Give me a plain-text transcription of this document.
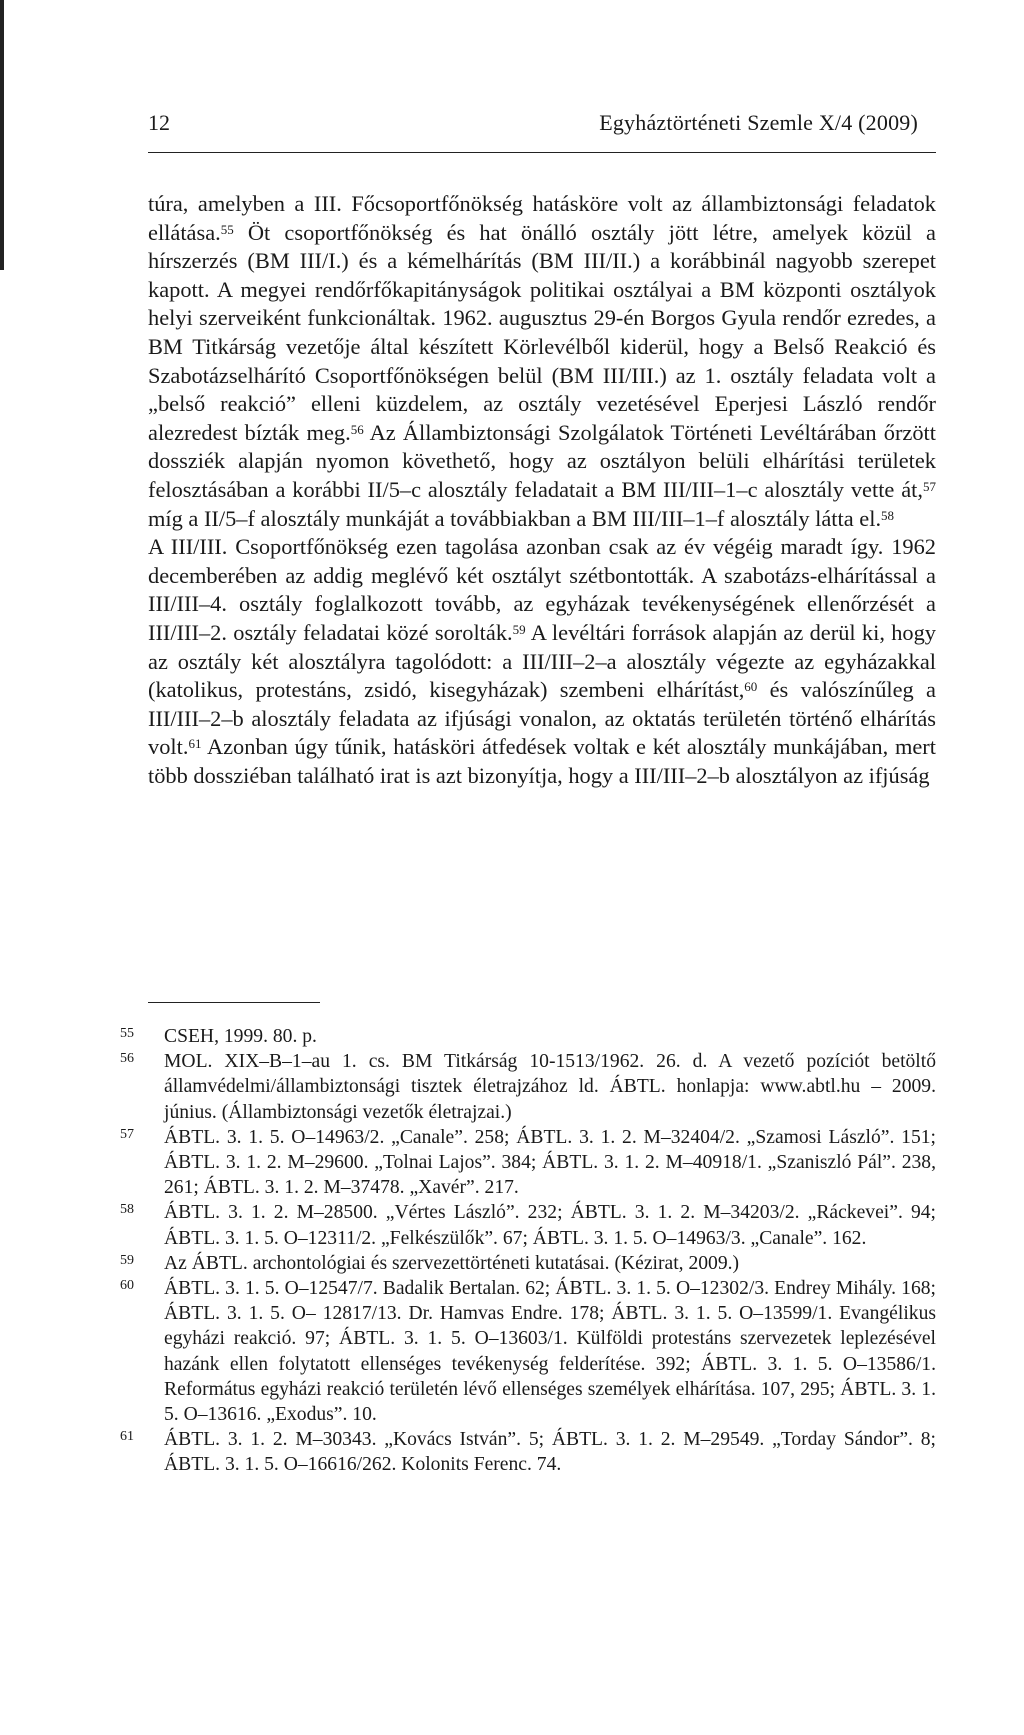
12	Egyháztörténeti Szemle X/4 (2009)

túra, amelyben a III. Főcsoportfőnökség hatásköre volt az állambiztonsági feladatok ellátása.$^{55}$ Öt csoportfőnökség és hat önálló osztály jött létre, amelyek közül a hírszerzés (BM III/I.) és a kémelhárítás (BM III/II.) a korábbinál nagyobb szerepet kapott. A megyei rendőrfőkapitányságok politikai osztályai a BM központi osztályok helyi szerveiként funkcionáltak. 1962. augusztus 29-én Borgos Gyula rendőr ezredes, a BM Titkárság vezetője által készített Körlevélből kiderül, hogy a Belső Reakció és Szabotázselhárító Csoportfőnökségen belül (BM III/III.) az 1. osztály feladata volt a „belső reakció” elleni küzdelem, az osztály vezetésével Eperjesi László rendőr alezredest bízták meg.$^{56}$ Az Állambiztonsági Szolgálatok Történeti Levéltárában őrzött dossziék alapján nyomon követhető, hogy az osztályon belüli elhárítási területek felosztásában a korábbi II/5–c alosztály feladatait a BM III/III–1–c alosztály vette át,$^{57}$ míg a II/5–f alosztály munkáját a továbbiakban a BM III/III–1–f alosztály látta el.$^{58}$

A III/III. Csoportfőnökség ezen tagolása azonban csak az év végéig maradt így. 1962 decemberében az addig meglévő két osztályt szétbontották. A szabotázs-elhárítással a III/III–4. osztály foglalkozott tovább, az egyházak tevékenységének ellenőrzését a III/III–2. osztály feladatai közé sorolták.$^{59}$ A levéltári források alapján az derül ki, hogy az osztály két alosztályra tagolódott: a III/III–2–a alosztály végezte az egyházakkal (katolikus, protestáns, zsidó, kisegyházak) szembeni elhárítást,$^{60}$ és valószínűleg a III/III–2–b alosztály feladata az ifjúsági vonalon, az oktatás területén történő elhárítás volt.$^{61}$ Azonban úgy tűnik, hatásköri átfedések voltak e két alosztály munkájában, mert több dossziéban található irat is azt bizonyítja, hogy a III/III–2–b alosztályon az ifjúság

55 CSEH, 1999. 80. p.
56 MOL. XIX–B–1–au 1. cs. BM Titkárság 10-1513/1962. 26. d. A vezető pozíciót betöltő államvédelmi/állambiztonsági tisztek életrajzához ld. ÁBTL. honlapja: www.abtl.hu – 2009. június. (Állambiztonsági vezetők életrajzai.)
57 ÁBTL. 3. 1. 5. O–14963/2. „Canale”. 258; ÁBTL. 3. 1. 2. M–32404/2. „Szamosi László”. 151; ÁBTL. 3. 1. 2. M–29600. „Tolnai Lajos”. 384; ÁBTL. 3. 1. 2. M–40918/1. „Szaniszló Pál”. 238, 261; ÁBTL. 3. 1. 2. M–37478. „Xavér”. 217.
58 ÁBTL. 3. 1. 2. M–28500. „Vértes László”. 232; ÁBTL. 3. 1. 2. M–34203/2. „Ráckevei”. 94; ÁBTL. 3. 1. 5. O–12311/2. „Felkészülők”. 67; ÁBTL. 3. 1. 5. O–14963/3. „Canale”. 162.
59 Az ÁBTL. archontológiai és szervezettörténeti kutatásai. (Kézirat, 2009.)
60 ÁBTL. 3. 1. 5. O–12547/7. Badalik Bertalan. 62; ÁBTL. 3. 1. 5. O–12302/3. Endrey Mihály. 168; ÁBTL. 3. 1. 5. O– 12817/13. Dr. Hamvas Endre. 178; ÁBTL. 3. 1. 5. O–13599/1. Evangélikus egyházi reakció. 97; ÁBTL. 3. 1. 5. O–13603/1. Külföldi protestáns szervezetek leplezésével hazánk ellen folytatott ellenséges tevékenység felderítése. 392; ÁBTL. 3. 1. 5. O–13586/1. Református egyházi reakció területén lévő ellenséges személyek elhárítása. 107, 295; ÁBTL. 3. 1. 5. O–13616. „Exodus”. 10.
61 ÁBTL. 3. 1. 2. M–30343. „Kovács István”. 5; ÁBTL. 3. 1. 2. M–29549. „Torday Sándor”. 8; ÁBTL. 3. 1. 5. O–16616/262. Kolonits Ferenc. 74.
